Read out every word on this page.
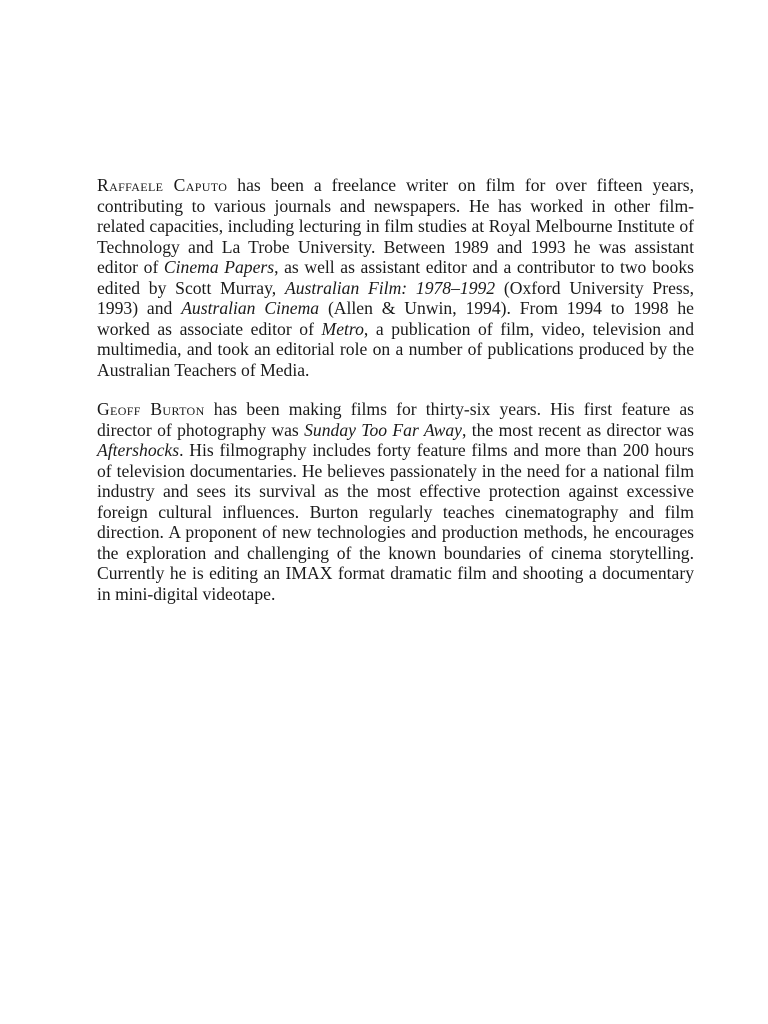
Raffaele Caputo has been a freelance writer on film for over fifteen years, contributing to various journals and newspapers. He has worked in other film-related capacities, including lecturing in film studies at Royal Melbourne Institute of Technology and La Trobe University. Between 1989 and 1993 he was assistant editor of Cinema Papers, as well as assistant editor and a contributor to two books edited by Scott Murray, Australian Film: 1978–1992 (Oxford University Press, 1993) and Australian Cinema (Allen & Unwin, 1994). From 1994 to 1998 he worked as associate editor of Metro, a publication of film, video, television and multimedia, and took an editorial role on a number of publications produced by the Australian Teachers of Media.

Geoff Burton has been making films for thirty-six years. His first feature as director of photography was Sunday Too Far Away, the most recent as director was Aftershocks. His filmography includes forty feature films and more than 200 hours of television documentaries. He believes passionately in the need for a national film industry and sees its survival as the most effective protection against excessive foreign cultural influences. Burton regularly teaches cinematography and film direction. A proponent of new technologies and production methods, he encourages the exploration and challenging of the known boundaries of cinema storytelling. Currently he is editing an IMAX format dramatic film and shooting a documentary in mini-digital videotape.
